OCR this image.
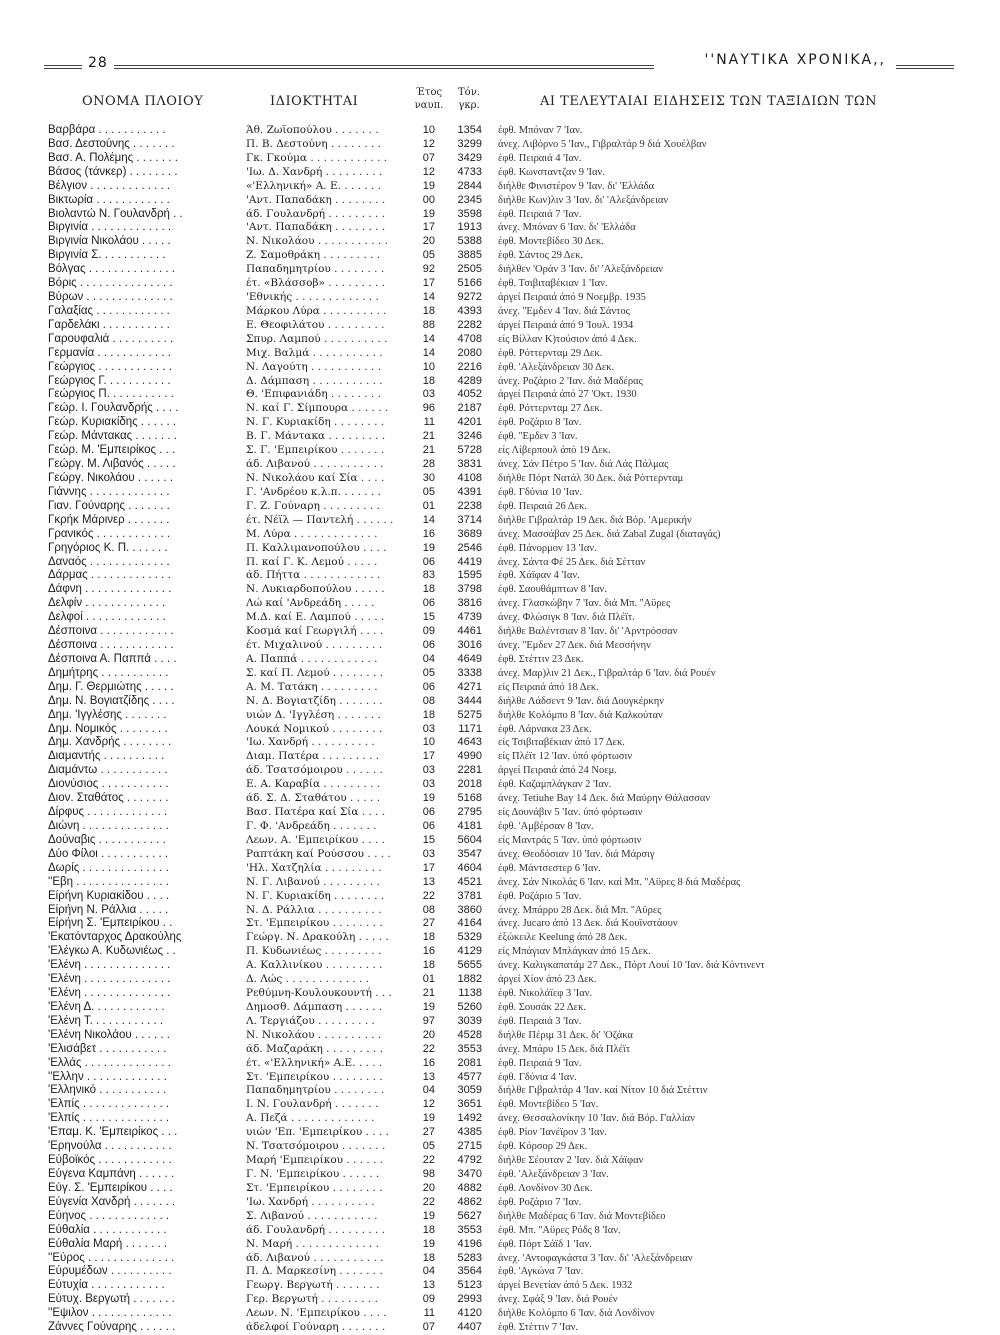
28	''ΝΑΥΤΙΚΑ ΧΡΟΝΙΚΑ,,
ΟΝΟΜΑ ΠΛΟΙΟΥ	ΙΔΙΟΚΤΗΤΑΙ
Έτος
ναυπ.
Τόν.
γκρ.	ΑΙ ΤΕΛΕΥΤΑΙΑΙ ΕΙΔΗΣΕΙΣ ΤΩΝ ΤΑΞΙΔΙΩΝ ΤΩΝ
Βαρβάρα . . . . . . . . . . .	Άθ. Ζωϊοπούλου . . . . . . .	10	1354 έφθ. Μπόναν 7 'Ιαν.
Βασ. Δεστούνης . . . . . . .	Π. Β. Δεστούνη . . . . . . . .	12	3299 άνεχ. Λιβόρνο 5 'Ιαν., Γιβραλτάρ 9 διά Χουέλβαν
Βασ. Α. Πολέμης . . . . . . .	Γκ. Γκούμα . . . . . . . . . . . .	07	3429 έφθ. Πειραιά 4 'Ιαν.
Βάσος (τάνκερ) . . . . . . . .	'Ιω. Δ. Χανδρή . . . . . . . . .	12	4733 έφθ. Κωνσταντζαν 9 'Ιαν.
Βέλγιον . . . . . . . . . . . . .	«'Ελληνική» Α. Ε. . . . . . .	19	2844 διήλθε Φινιστέρον 9 'Ιαν. δι' 'Ελλάδα
Βικτωρία . . . . . . . . . . . .	'Αντ. Παπαδάκη . . . . . . . .	00	2345 διήλθε Κων)λιν 3 'Ιαν. δι' 'Αλεξάνδρειαν
Βιολαντώ Ν. Γουλανδρή . .	άδ. Γουλανδρή . . . . . . . . .	19	3598 έφθ. Πειραιά 7 'Ιαν.
Βιργινία . . . . . . . . . . . . .	'Αντ. Παπαδάκη . . . . . . . .	17	1913 άνεχ. Μπόναν 6 'Ιαν. δι' 'Ελλάδα
Βιργινία Νικολάου . . . . .	Ν. Νικολάου . . . . . . . . . . .	20	5388 έφθ. Μοντεβίδεο 30 Δεκ.
Βιργινία Σ. . . . . . . . . . .	Ζ. Σαμοθράκη . . . . . . . . .	05	3885 έφθ. Σάντος 29 Δεκ.
Βόλγας . . . . . . . . . . . . . .	Παπαδημητρίου . . . . . . . .	92	2505 διήλθεν 'Οράν 3 'Ιαν. δι' 'Αλεξάνδρειαν
Βόρις . . . . . . . . . . . . . . .	έτ. «Βλάσσοβ» . . . . . . . . .	17	5166 έφθ. Τσιβιταβέκιαν 1 'Ιαν.
Βύρων . . . . . . . . . . . . . .	'Εθνικής . . . . . . . . . . . . .	14	9272 άργεί Πειραιά άπό 9 Νοεμβρ. 1935
Γαλαξίας . . . . . . . . . . . .	Μάρκου Λύρα . . . . . . . . . .	18	4393 άνεχ. ''Εμδεν 4 'Ιαν. διά Σάντος
Γαρδελάκι . . . . . . . . . . .	Ε. Θεοφιλάτου . . . . . . . . .	88	2282 άργεί Πειραιά άπό 9 'Ιουλ. 1934
Γαρουφαλιά . . . . . . . . . .	Σπυρ. Λαμπού . . . . . . . . . .	14	4708 είς Βίλλαν Κ)τούσιον άπό 4 Δεκ.
Γερμανία . . . . . . . . . . . .	Μιχ. Βαλμά . . . . . . . . . . .	14	2080 έφθ. Ρόττερνταμ 29 Δεκ.
Γεώργιος . . . . . . . . . . . .	Ν. Λαγούτη . . . . . . . . . . .	10	2216 έφθ. 'Αλεξάνδρειαν 30 Δεκ.
Γεώργιος Γ. . . . . . . . . . .	Δ. Δάμπαση . . . . . . . . . . .	18	4289 άνεχ. Ροζάριο 2 'Ιαν. διά Μαδέρας
Γεώργιος Π. . . . . . . . . . .	Θ. 'Επιφανιάδη . . . . . . . .	03	4052 άργεί Πειραιά άπό 27 'Οκτ. 1930
Γεώρ. Ι. Γουλανδρής . . . .	Ν. καί Γ. Σίμπουρα . . . . . .	96	2187 έφθ. Ρόττερνταμ 27 Δεκ.
Γεώρ. Κυριακίδης . . . . . .	Ν. Γ. Κυριακίδη . . . . . . . .	11	4201 έφθ. Ροζάριο 8 'Ιαν.
Γεώρ. Μάντακας . . . . . . .	Β. Γ. Μάντακα . . . . . . . . .	21	3246 έφθ. ''Εμδεν 3 'Ιαν.
Γεώρ. Μ. 'Εμπειρίκος . . .	Σ. Γ. 'Εμπειρίκου . . . . . . .	21	5728 είς Λίβερπουλ άπό 19 Δεκ.
Γεώργ. Μ. Λιβανός . . . . .	άδ. Λιβανού . . . . . . . . . . .	28	3831 άνεχ. Σάν Πέτρο 5 'Ιαν. διά Λάς Πάλμας
Γεώργ. Νικολάου . . . . . .	Ν. Νικολάου καί Σία . . . .	30	4108 διήλθε Πόρτ Νατάλ 30 Δεκ. διά Ρόττερνταμ
Γιάννης . . . . . . . . . . . . .	Γ. 'Ανδρέου κ.λ.π. . . . . . .	05	4391 έφθ. Γδύνια 10 'Ιαν.
Γιαν. Γούναρης . . . . . . .	Γ. Ζ. Γούναρη . . . . . . . . .	01	2238 έφθ. Πειραιά 26 Δεκ.
Γκρήκ Μάρινερ . . . . . . .	έτ. Νέϊλ — Παντελή . . . . . .	14	3714 διήλθε Γιβραλτάρ 19 Δεκ. διά Βόρ. 'Αμερικήν
Γρανικός . . . . . . . . . . . .	Μ. Λύρα . . . . . . . . . . . . .	16	3689 άνεχ. Μασσάβαν 25 Δεκ. διά Zabal Zugal (διαταγάς)
Γρηγόριος Κ. Π. . . . . . .	Π. Καλλιμανοπούλου . . . .	19	2546 έφθ. Πάνορμον 13 'Ιαν.
Δαναός . . . . . . . . . . . . .	Π. καί Γ. Κ. Λεμού . . . . .	06	4419 άνεχ. Σάντα Φέ 25 Δεκ. διά Σέτταν
Δάρμας . . . . . . . . . . . . .	άδ. Πήττα . . . . . . . . . . . .	83	1595 έφθ. Χάϊφαν 4 'Ιαν.
Δάφνη . . . . . . . . . . . . . .	Ν. Λυκιαρδοπούλου . . . . .	18	3798 έφθ. Σαουθάμπτων 8 'Ιαν.
Δελφίν . . . . . . . . . . . . .	Λώ καί 'Ανδρεάδη . . . . .	06	3816 άνεχ. Γλασκώβην 7 'Ιαν. διά Μπ. ''Αϋρες
Δελφοί . . . . . . . . . . . . .	Μ.Δ. καί Ε. Λαμπού . . . . .	15	4739 άνεχ. Φλώσιγκ 8 'Ιαν. διά Πλέϊτ.
Δέσποινα . . . . . . . . . . . .	Κοσμά καί Γεωργιλή . . . .	09	4461 διήλθε Βαλέντσιαν 8 'Ιαν. δι' 'Αρντρόσσαν
Δέσποινα . . . . . . . . . . . .	έτ. Μιχαλινού . . . . . . . . .	06	3016 άνεχ. ''Εμδεν 27 Δεκ. διά Μεσσήνην
Δέσποινα Α. Παππά . . . .	Α. Παππά . . . . . . . . . . . .	04	4649 έφθ. Στέττιν 23 Δεκ.
Δημήτρης . . . . . . . . . . .	Σ. καί Π. Λεμού . . . . . . . .	05	3338 άνεχ. Μαρ)λιν 21 Δεκ., Γιβραλτάρ 6 'Ιαν. διά Ρουέν
Δημ. Γ. Θερμιώτης . . . . .	Α. Μ. Τατάκη . . . . . . . . .	06	4271 είς Πειραιά άπό 18 Δεκ.
Δημ. Ν. Βογιατζίδης . . . .	Ν. Δ. Βογιατζίδη . . . . . . .	08	3444 διήλθε Λάδσεντ 9 'Ιαν. διά Δουγκέρκην
Δημ. 'Ιγγλέσης . . . . . . .	υιών Δ. 'Ιγγλέση . . . . . . .	18	5275 διήλθε Κολόμπο 8 'Ιαν. διά Καλκούταν
Δημ. Νομικός . . . . . . . .	Λουκά Νομικού . . . . . . . .	03	1171 έφθ. Λάρνακα 23 Δεκ.
Δημ. Χανδρής . . . . . . . .	'Ιω. Χανδρή . . . . . . . . . .	10	4643 είς Τσιβιταβέκιαν άπό 17 Δεκ.
Διαμαντής . . . . . . . . . .	Διαμ. Πατέρα . . . . . . . . .	17	4990 είς Πλέϊτ 12 'Ιαν. ύπό φόρτωσιν
Διαμάντω . . . . . . . . . . .	άδ. Τσατσόμοιρου . . . . . .	03	2281 άργεί Πειραιά άπό 24 Νοεμ.
Διονύσιος . . . . . . . . . . .	Ε. Α. Καραβία . . . . . . . . .	03	2018 έφθ. Καζαμπλάγκαν 2 'Ιαν.
Διον. Σταθάτος . . . . . . .	άδ. Σ. Δ. Σταθάτου . . . . .	19	5168 άνεχ. Tetiuhe Bay 14 Δεκ. διά Μαύρην Θάλασσαν
Δίρφυς . . . . . . . . . . . . .	Βασ. Πατέρα καί Σία . . . .	06	2795 είς Δουνάβιν 5 'Ιαν. ύπό φόρτωσιν
Διώνη . . . . . . . . . . . . . .	Γ. Φ. 'Ανδρεάδη . . . . . . .	06	4181 έφθ. 'Αμβέρσαν 8 'Ιαν.
Δούναβις . . . . . . . . . . .	Λεων. Α. 'Εμπειρίκου . . . .	15	5604 είς Μαντράς 5 'Ιαν. ύπό φόρτωσιν
Δύο Φίλοι . . . . . . . . . . .	Ραπτάκη καί Ρούσσου . . . .	03	3547 άνεχ. Θεοδόσιαν 10 'Ιαν. διά Μάρσιγ
Δωρίς . . . . . . . . . . . . . .	'Ηλ. Χατζηλία . . . . . . . . .	17	4604 έφθ. Μάντσεστερ 6 'Ιαν.
''Εβη . . . . . . . . . . . . . . .	Ν. Γ. Λιβανού . . . . . . . . .	13	4521 άνεχ. Σάν Νικολάς 6 'Ιαν. καί Μπ. ''Αϋρες 8 διά Μαδέρας
Είρήνη Κυριακίδου . . . .	Ν. Γ. Κυριακίδη . . . . . . . .	22	3781 έφθ. Ροζάριο 5 'Ιαν.
Είρήνη Ν. Ράλλια . . . . .	Ν. Δ. Ράλλια . . . . . . . . . .	08	3860 άνεχ. Μπάρρυ 28 Δεκ. διά Μπ. ''Αϋρες
Είρήνη Σ. 'Εμπειρίκου . .	Στ. 'Εμπειρίκου . . . . . . . .	27	4164 άνεχ. Jucaro άπό 13 Δεκ. διά Κουϊνστάουν
'Εκατόνταρχος Δρακούλης	Γεώργ. Ν. Δρακούλη . . . . .	18	5329 έξώκειλε Keelung άπό 28 Δεκ.
'Ελέγκω Α. Κυδωνιέως . .	Π. Κυδωνιέως . . . . . . . . .	16	4129 είς Μπάγιαν Μπλάγκαν άπό 15 Δεκ.
'Ελένη . . . . . . . . . . . . . .	Α. Καλλινίκου . . . . . . . . .	18	5655 άνεχ. Καλιγκαπατάμ 27 Δεκ., Πόρτ Λουί 10 'Ιαν. διά Κόντινεντ
'Ελένη . . . . . . . . . . . . . .	Δ. Λώς . . . . . . . . . . . . .	01	1882 άργεί Χίον άπό 23 Δεκ.
'Ελένη . . . . . . . . . . . . . .	Ρεθύμνη-Κουλουκουντή . . .	21	1138 έφθ. Νικολάϊεφ 3 'Ιαν.
'Ελένη Δ. . . . . . . . . . . .	Δημοσθ. Δάμπαση . . . . . .	19	5260 έφθ. Σουσάκ 22 Δεκ.
'Ελένη Τ. . . . . . . . . . . .	Λ. Τεργιάζου . . . . . . . . .	97	3039 έφθ. Πειραιά 3 'Ιαν.
'Ελένη Νικολάου . . . . . .	Ν. Νικολάου . . . . . . . . . .	20	4528 διήλθε Πέριμ 31 Δεκ. δι' 'Οζάκα
'Ελισάβετ . . . . . . . . . . .	άδ. Μαζαράκη . . . . . . . . .	22	3553 άνεχ. Μπάρυ 15 Δεκ. διά Πλέϊτ
'Ελλάς . . . . . . . . . . . . . .	έτ. «'Ελληνική» Α.Ε. . . . .	16	2081 έφθ. Πειραιά 9 'Ιαν.
''Ελλην . . . . . . . . . . . . .	Στ. 'Εμπειρίκου . . . . . . . .	13	4577 έφθ. Γδύνια 4 'Ιαν.
'Ελληνικό . . . . . . . . . . .	Παπαδημητρίου . . . . . . . .	04	3059 διήλθε Γιβραλτάρ 4 'Ιαν. καί Νίτον 10 διά Στέττιν
'Ελπίς . . . . . . . . . . . . . .	Ι. Ν. Γουλανδρή . . . . . . .	12	3651 έφθ. Μοντεβίδεο 5 'Ιαν.
'Ελπίς . . . . . . . . . . . . . .	Α. Πεζά . . . . . . . . . . . . .	19	1492 άνεχ. Θεσσαλονίκην 10 'Ιαν. διά Βόρ. Γαλλίαν
'Επαμ. Κ. 'Εμπειρίκος . . .	υιών 'Επ. 'Εμπειρίκου . . . .	27	4385 έφθ. Ρίον 'Ιανέϊρον 3 'Ιαν.
'Ερηνούλα . . . . . . . . . . .	Ν. Τσατσόμοιρου . . . . . . .	05	2715 έφθ. Κόρσορ 29 Δεκ.
Εύβοϊκός . . . . . . . . . . . .	Μαρή 'Εμπειρίκου . . . . . .	22	4792 διήλθε Σέουταν 2 'Ιαν. διά Χάϊφαν
Εύγενα Καμπάνη . . . . . .	Γ. Ν. 'Εμπειρίκου . . . . . .	98	3470 έφθ. 'Αλεξάνδρειαν 3 'Ιαν.
Εύγ. Σ. 'Εμπειρίκου . . . .	Στ. 'Εμπειρίκου . . . . . . . .	20	4882 έφθ. Λονδίνον 30 Δεκ.
Εύγενία Χανδρή . . . . . . .	'Ιω. Χανδρή . . . . . . . . . .	22	4862 έφθ. Ροζάριο 7 'Ιαν.
Εύηνος . . . . . . . . . . . . .	Σ. Λιβανού . . . . . . . . . . .	19	5627 διήλθε Μαδέρας 6 'Ιαν. διά Μοντεβίδεο
Εύθαλία . . . . . . . . . . . .	άδ. Γουλανδρή . . . . . . . . .	18	3553 έφθ. Μπ. ''Αϋρες Ρόδς 8 'Ιαν.
Εύθαλία Μαρή . . . . . . .	Ν. Μαρή . . . . . . . . . . . . .	19	4196 έφθ. Πόρτ Σάϊδ 1 'Ιαν.
''Εύρος . . . . . . . . . . . . . .	άδ. Λιβανού . . . . . . . . . . .	18	5283 άνεχ. 'Αντοφαγκάστα 3 'Ιαν. δι' 'Αλεξάνδρειαν
Εύρυμέδων . . . . . . . . . .	Π. Δ. Μαρκεσίνη . . . . . . .	04	3564 έφθ. 'Αγκώνα 7 'Ιαν.
Εύτυχία . . . . . . . . . . . .	Γεωργ. Βεργωτή . . . . . . .	13	5123 άργεί Βενετίαν άπό 5 Δεκ. 1932
Εύτυχ. Βεργωτή . . . . . . .	Γερ. Βεργωτή . . . . . . . . .	09	2993 άνεχ. Σφάξ 9 'Ιαν. διά Ρουέν
''Εψιλον . . . . . . . . . . . . .	Λεων. Ν. 'Εμπειρίκου . . . .	11	4120 διήλθε Κολόμπο 6 'Ιαν. διά Λονδίνον
Ζάννες Γούναρης . . . . . .	άδελφοί Γούναρη . . . . . . .	07	4407 έφθ. Στέττιν 7 'Ιαν.
